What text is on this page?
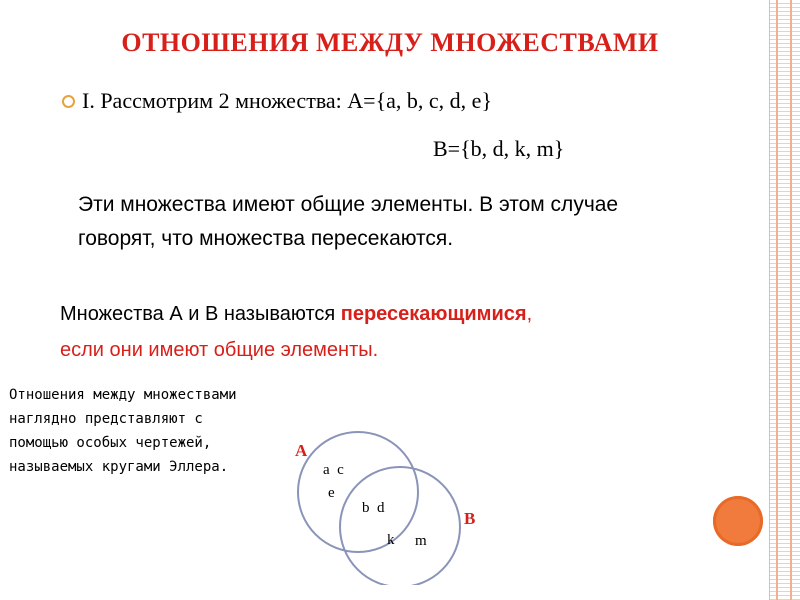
ОТНОШЕНИЯ МЕЖДУ МНОЖЕСТВАМИ
I. Рассмотрим 2 множества: A={a, b, c, d, e}
B={b, d, k, m}
Эти множества имеют общие элементы. В этом случае говорят, что множества пересекаются.
Множества А и В называются пересекающимися,
если они имеют общие элементы.
Отношения между множествами наглядно представляют с помощью особых чертежей, называемых кругами Эллера.
A
B
a  c
e
b  d
k m
